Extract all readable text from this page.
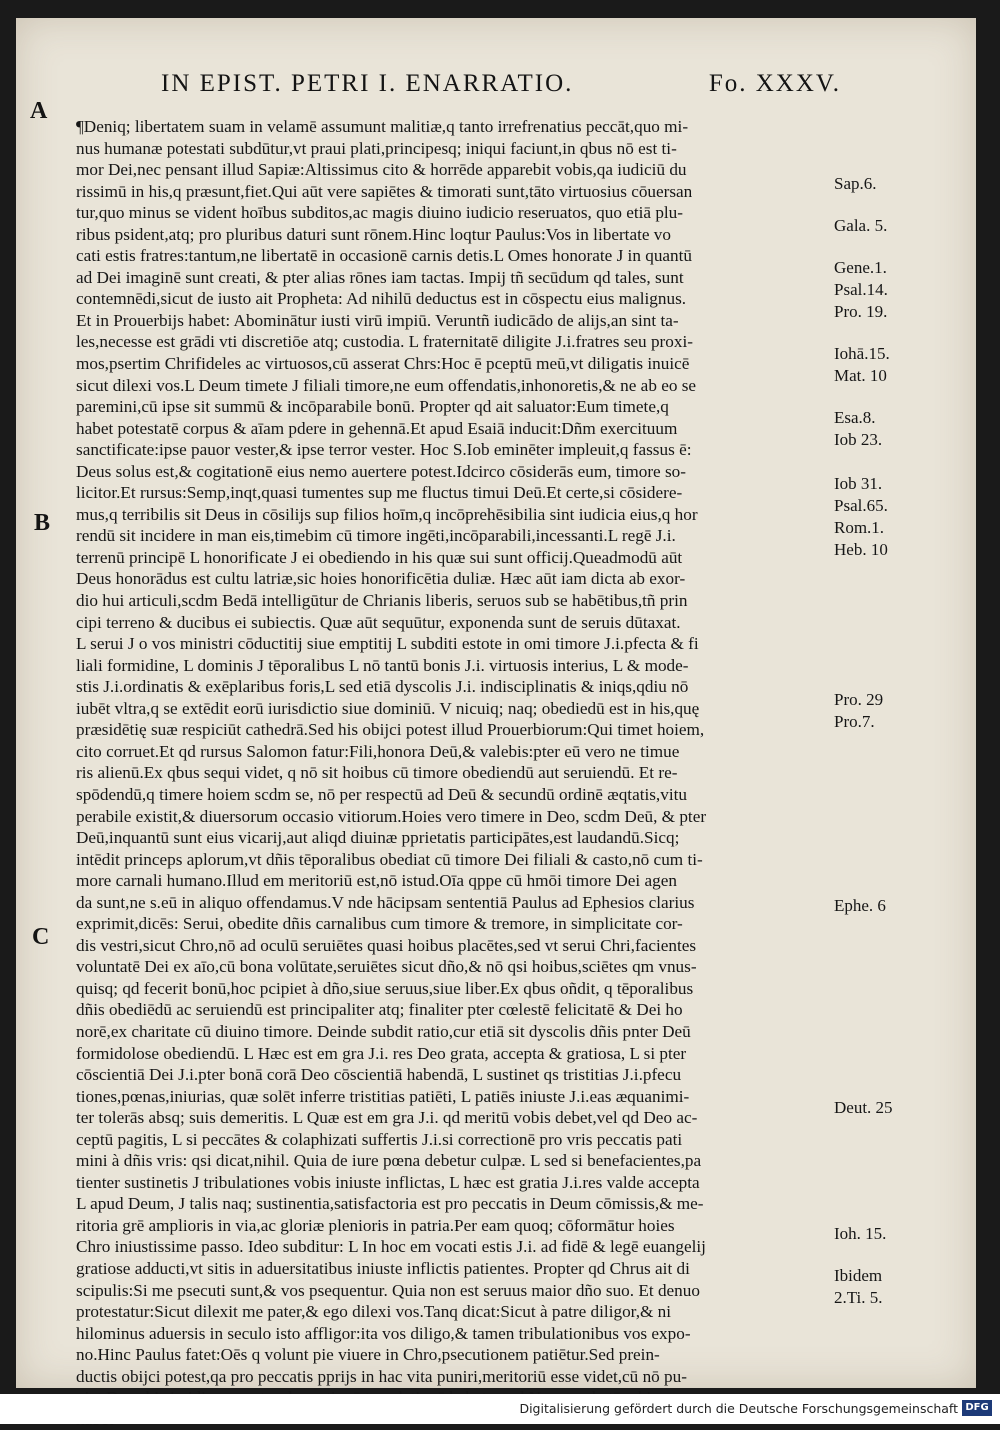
IN EPIST. PETRI I. ENARRATIO.	Fo. XXXV.
A
B
C
¶Deniq; libertatem suam in velamē assumunt malitiæ,q tanto irrefrenatius peccāt,quo mi-
nus humanæ potestati subdūtur,vt praui plati,principesq; iniqui faciunt,in qbus nō est ti-
mor Dei,nec pensant illud Sapiæ:Altissimus cito & horrēde apparebit vobis,qa iudiciū du
rissimū in his,q præsunt,fiet.Qui aūt vere sapiētes & timorati sunt,tāto virtuosius cōuersan
tur,quo minus se vident hoībus subditos,ac magis diuino iudicio reseruatos, quo etiā plu-
ribus psident,atq; pro pluribus daturi sunt rōnem.Hinc loqtur Paulus:Vos in libertate vo
cati estis fratres:tantum,ne libertatē in occasionē carnis detis.L Omes honorate J in quantū
ad Dei imaginē sunt creati, & pter alias rōnes iam tactas. Impij tñ secūdum qd tales, sunt
contemnēdi,sicut de iusto ait Propheta: Ad nihilū deductus est in cōspectu eius malignus.
Et in Prouerbijs habet: Abominātur iusti virū impiū. Veruntñ iudicādo de alijs,an sint ta-
les,necesse est grādi vti discretiōe atq; custodia. L fraternitatē diligite J.i.fratres seu proxi-
mos,psertim Chrifideles ac virtuosos,cū asserat Chrs:Hoc ē pceptū meū,vt diligatis inuicē
sicut dilexi vos.L Deum timete J filiali timore,ne eum offendatis,inhonoretis,& ne ab eo se
paremini,cū ipse sit summū & incōparabile bonū. Propter qd ait saluator:Eum timete,q
habet potestatē corpus & aīam pdere in gehennā.Et apud Esaiā inducit:Dñm exercituum
sanctificate:ipse pauor vester,& ipse terror vester. Hoc S.Iob eminēter impleuit,q fassus ē:
Deus solus est,& cogitationē eius nemo auertere potest.Idcirco cōsiderās eum, timore so-
licitor.Et rursus:Semp,inqt,quasi tumentes sup me fluctus timui Deū.Et certe,si cōsidere-
mus,q terribilis sit Deus in cōsilijs sup filios hoīm,q incōprehēsibilia sint iudicia eius,q hor
rendū sit incidere in man eis,timebim cū timore ingēti,incōparabili,incessanti.L regē J.i.
terrenū principē L honorificate J ei obediendo in his quæ sui sunt officij.Queadmodū aūt
Deus honorādus est cultu latriæ,sic hoies honorificētia duliæ. Hæc aūt iam dicta ab exor-
dio hui articuli,scdm Bedā intelligūtur de Chrianis liberis, seruos sub se habētibus,tñ prin
cipi terreno & ducibus ei subiectis. Quæ aūt sequūtur, exponenda sunt de seruis dūtaxat.
L serui J o vos ministri cōductitij siue emptitij L subditi estote in omi timore J.i.pfecta & fi
liali formidine, L dominis J tēporalibus L nō tantū bonis J.i. virtuosis interius, L & mode-
stis J.i.ordinatis & exēplaribus foris,L sed etiā dyscolis J.i. indisciplinatis & iniqs,qdiu nō
iubēt vltra,q se extēdit eorū iurisdictio siue dominiū. V nicuiq; naq; obediedū est in his,quę
præsidētię suæ respiciūt cathedrā.Sed his obijci potest illud Prouerbiorum:Qui timet hoiem,
cito corruet.Et qd rursus Salomon fatur:Fili,honora Deū,& valebis:pter eū vero ne timue
ris alienū.Ex qbus sequi videt, q nō sit hoibus cū timore obediendū aut seruiendū. Et re-
spōdendū,q timere hoiem scdm se, nō per respectū ad Deū & secundū ordinē æqtatis,vitu
perabile existit,& diuersorum occasio vitiorum.Hoies vero timere in Deo, scdm Deū, & pter
Deū,inquantū sunt eius vicarij,aut aliqd diuinæ pprietatis participātes,est laudandū.Sicq;
intēdit princeps aplorum,vt dñis tēporalibus obediat cū timore Dei filiali & casto,nō cum ti-
more carnali humano.Illud em meritoriū est,nō istud.Oīa qppe cū hmōi timore Dei agen
da sunt,ne s.eū in aliquo offendamus.V nde hācipsam sententiā Paulus ad Ephesios clarius
exprimit,dicēs: Serui, obedite dñis carnalibus cum timore & tremore, in simplicitate cor-
dis vestri,sicut Chro,nō ad oculū seruiētes quasi hoibus placētes,sed vt serui Chri,facientes
voluntatē Dei ex aīo,cū bona volūtate,seruiētes sicut dño,& nō qsi hoibus,sciētes qm vnus-
quisq; qd fecerit bonū,hoc pcipiet à dño,siue seruus,siue liber.Ex qbus oñdit, q tēporalibus
dñis obediēdū ac seruiendū est principaliter atq; finaliter pter cœlestē felicitatē & Dei ho
norē,ex charitate cū diuino timore. Deinde subdit ratio,cur etiā sit dyscolis dñis pnter Deū
formidolose obediendū. L Hæc est em gra J.i. res Deo grata, accepta & gratiosa, L si pter
cōscientiā Dei J.i.pter bonā corā Deo cōscientiā habendā, L sustinet qs tristitias J.i.pfecu
tiones,pœnas,iniurias, quæ solēt inferre tristitias patiēti, L patiēs iniuste J.i.eas æquanimi-
ter tolerās absq; suis demeritis. L Quæ est em gra J.i. qd meritū vobis debet,vel qd Deo ac-
ceptū pagitis, L si peccātes & colaphizati suffertis J.i.si correctionē pro vris peccatis pati
mini à dñis vris: qsi dicat,nihil. Quia de iure pœna debetur culpæ. L sed si benefacientes,pa
tienter sustinetis J tribulationes vobis iniuste inflictas, L hæc est gratia J.i.res valde accepta
L apud Deum, J talis naq; sustinentia,satisfactoria est pro peccatis in Deum cōmissis,& me-
ritoria grē amplioris in via,ac gloriæ plenioris in patria.Per eam quoq; cōformātur hoies
Chro iniustissime passo. Ideo subditur: L In hoc em vocati estis J.i. ad fidē & legē euangelij
gratiose adducti,vt sitis in aduersitatibus iniuste inflictis patientes. Propter qd Chrus ait di
scipulis:Si me psecuti sunt,& vos psequentur. Quia non est seruus maior dño suo. Et denuo
protestatur:Sicut dilexit me pater,& ego dilexi vos.Tanq dicat:Sicut à patre diligor,& ni
hilominus aduersis in seculo isto affligor:ita vos diligo,& tamen tribulationibus vos expo-
no.Hinc Paulus fatet:Oēs q volunt pie viuere in Chro,psecutionem patiētur.Sed prein-
ductis obijci potest,qa pro peccatis pprijs in hac vita puniri,meritoriū esse videt,cū nō pu-
Sap.6.
Gala. 5.
Gene.1.
Psal.14.
Pro. 19.
Iohā.15.
Mat. 10
Esa.8.
Iob 23.
Iob 31.
Psal.65.
Rom.1.
Heb. 10
Pro. 29
Pro.7.
Ephe. 6
Deut. 25
Ioh. 15.
Ibidem
2.Ti. 5.
Digitalisierung gefördert durch die Deutsche Forschungsgemeinschaft DFG
